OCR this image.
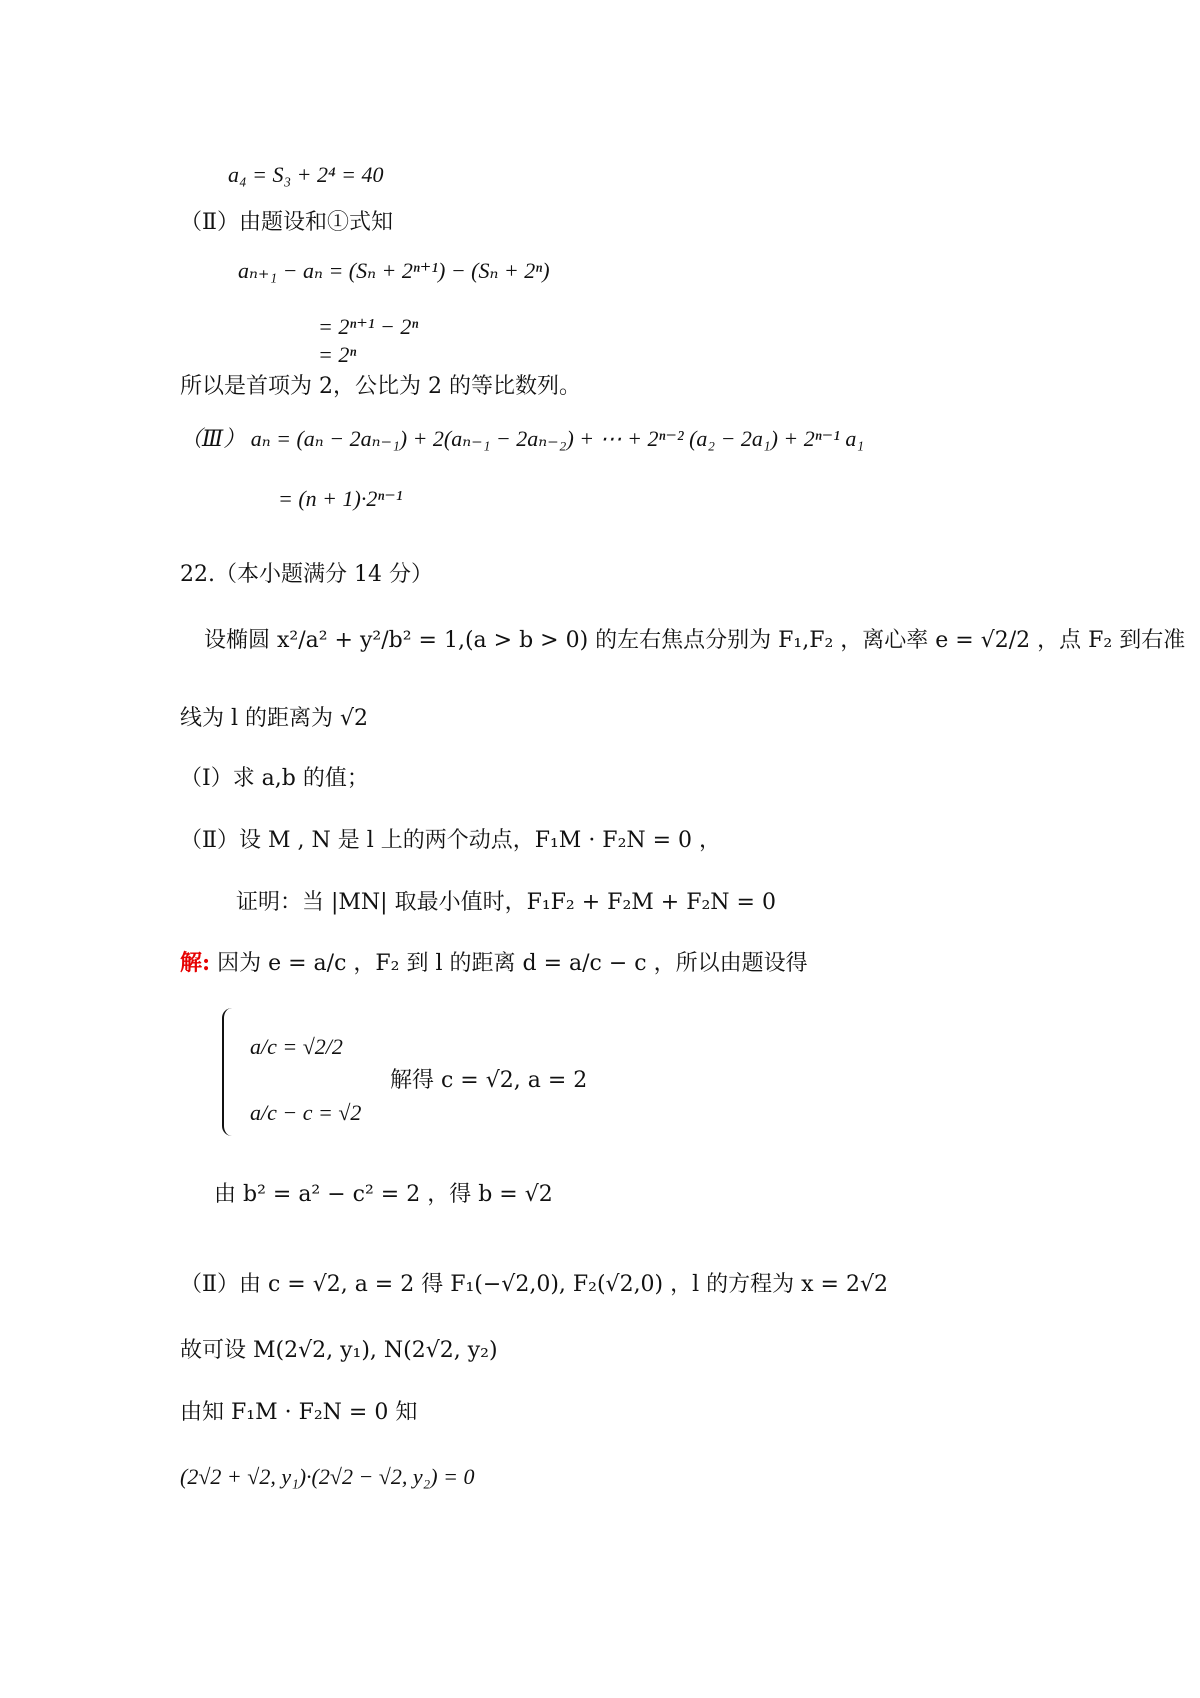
a₄ = S₃ + 2⁴ = 40
（Ⅱ）由题设和①式知
aₙ₊₁ − aₙ = (Sₙ + 2ⁿ⁺¹) − (Sₙ + 2ⁿ)
= 2ⁿ⁺¹ − 2ⁿ
= 2ⁿ
所以是首项为 2，公比为 2 的等比数列。
（Ⅲ） aₙ = (aₙ − 2aₙ₋₁) + 2(aₙ₋₁ − 2aₙ₋₂) + ⋯ + 2ⁿ⁻² (a₂ − 2a₁) + 2ⁿ⁻¹ a₁
= (n + 1)·2ⁿ⁻¹
22.（本小题满分 14 分）
设椭圆 x²/a² + y²/b² = 1,(a > b > 0) 的左右焦点分别为 F₁,F₂ ，离心率 e = √2/2 ，点 F₂ 到右准
线为 l 的距离为 √2
（Ⅰ）求 a,b 的值；
（Ⅱ）设 M , N 是 l 上的两个动点，F₁M · F₂N = 0 ，
证明：当 |MN| 取最小值时，F₁F₂ + F₂M + F₂N = 0
解: 因为 e = a/c ，F₂ 到 l 的距离 d = a/c − c ，所以由题设得
a/c = √2/2
a/c − c = √2
解得 c = √2, a = 2
由 b² = a² − c² = 2 ，得 b = √2
（Ⅱ）由 c = √2, a = 2 得 F₁(−√2,0), F₂(√2,0) ，l 的方程为 x = 2√2
故可设 M(2√2, y₁), N(2√2, y₂)
由知 F₁M · F₂N = 0 知
(2√2 + √2, y₁)·(2√2 − √2, y₂) = 0
